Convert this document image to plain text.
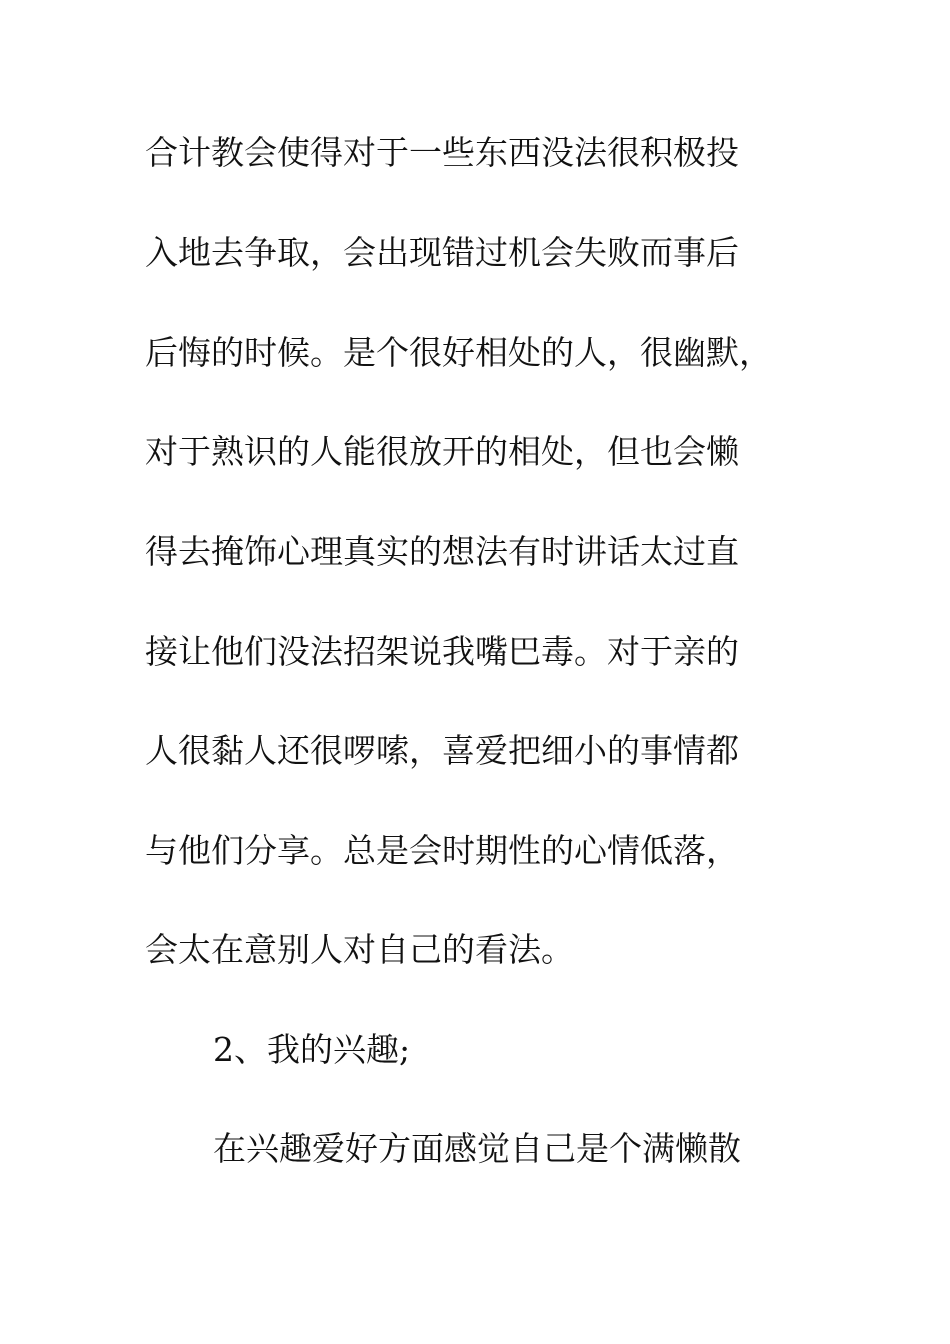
合计教会使得对于一些东西没法很积极投
入地去争取，会出现错过机会失败而事后
后悔的时候。是个很好相处的人，很幽默，
对于熟识的人能很放开的相处，但也会懒
得去掩饰心理真实的想法有时讲话太过直
接让他们没法招架说我嘴巴毒。对于亲的
人很黏人还很啰嗦，喜爱把细小的事情都
与他们分享。总是会时期性的心情低落，
会太在意别人对自己的看法。
2、我的兴趣;
在兴趣爱好方面感觉自己是个满懒散
